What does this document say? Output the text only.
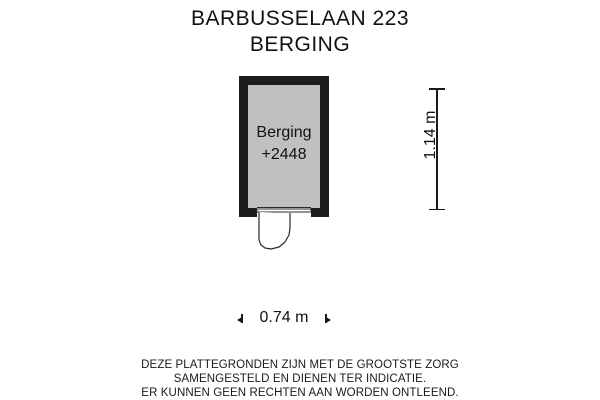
BARBUSSELAAN 223
BERGING
Berging
+2448	1.14 m
0.74 m
DEZE PLATTEGRONDEN ZIJN MET DE GROOTSTE ZORG
SAMENGESTELD EN DIENEN TER INDICATIE.
ER KUNNEN GEEN RECHTEN AAN WORDEN ONTLEEND.
